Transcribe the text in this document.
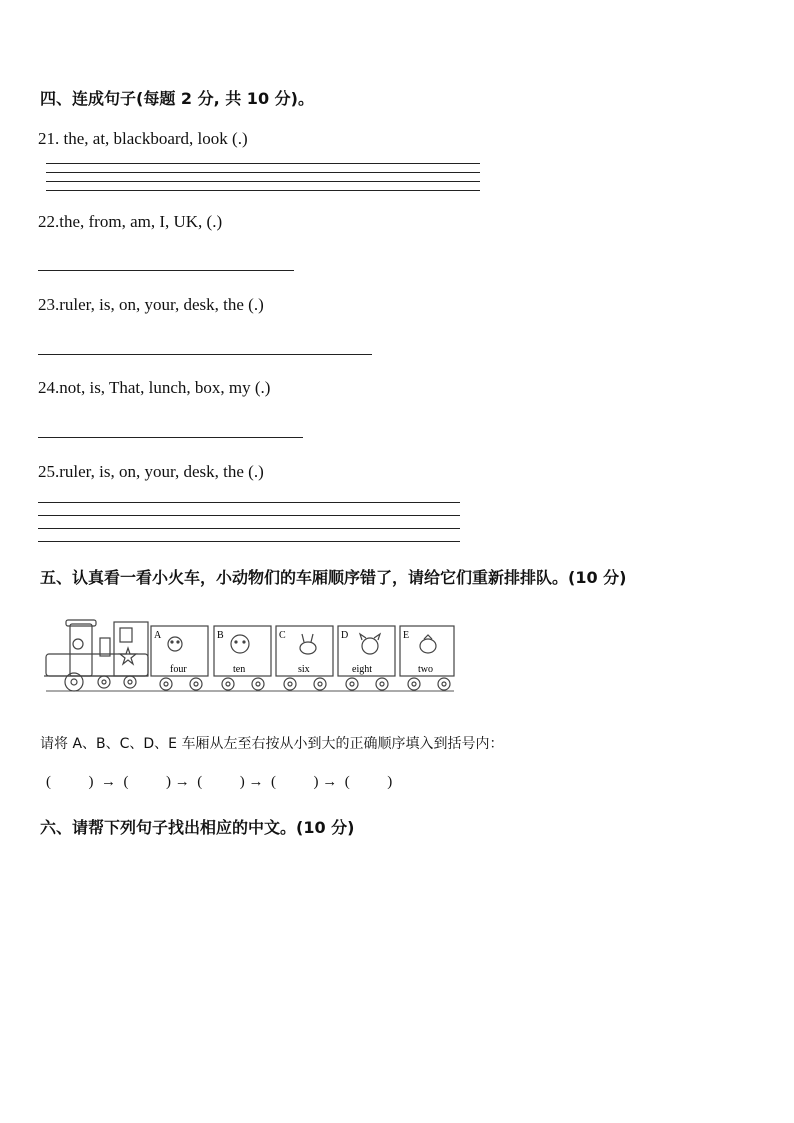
四、连成句子(每题 2 分, 共 10 分)。
21. the, at, blackboard, look (.)
22.the, from, am, I, UK, (.)
23.ruler, is, on, your, desk, the (.)
24.not, is, That, lunch, box, my (.)
25.ruler, is, on, your, desk, the (.)
五、认真看一看小火车，小动物们的车厢顺序错了，请给它们重新排排队。(10 分)
A
four
B
ten
C
six
D
eight
E
two
请将 A、B、C、D、E 车厢从左至右按从小到大的正确顺序填入到括号内：
(          )  →  (          ) →  (          ) →  (          ) →  (          )
六、请帮下列句子找出相应的中文。(10 分)
